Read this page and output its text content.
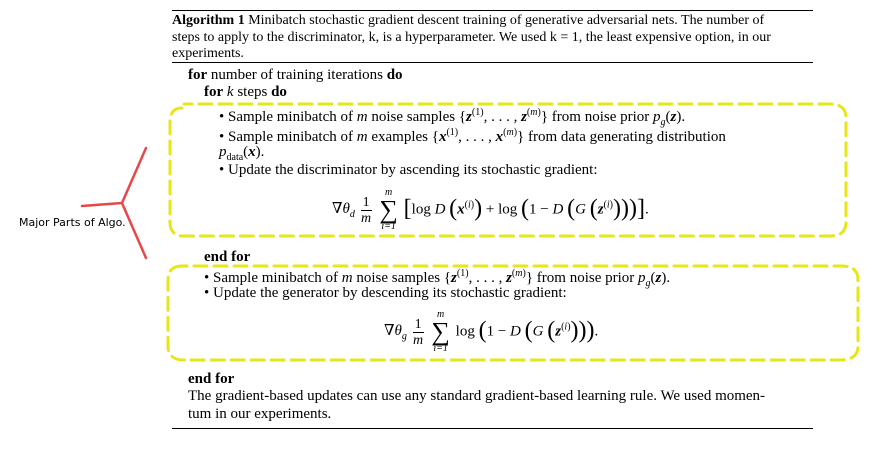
Algorithm 1 Minibatch stochastic gradient descent training of generative adversarial nets. The number of
steps to apply to the discriminator, k, is a hyperparameter. We used k = 1, the least expensive option, in our
experiments.
for number of training iterations do
for k steps do
• Sample minibatch of m noise samples {$z^{(1)}$, . . . , $z^{(m)}$} from noise prior $p_g(z)$.
• Sample minibatch of m examples {$x^{(1)}$, . . . , $x^{(m)}$} from data generating distribution
$p_{data}(x)$.
• Update the discriminator by ascending its stochastic gradient:
$\nabla\theta_d \frac{1}{m}$

m
∑
i=1
[log D $(x^{(i)}) + \log (1 - D$ (G $(z^{(i)})$))].
end for
• Sample minibatch of m noise samples {$z^{(1)}$, . . . , $z^{(m)}$} from noise prior $p_g(z)$.
• Update the generator by descending its stochastic gradient:
$\nabla\theta_g \frac{1}{m}$

m
∑
i=1
log (1 − D (G $(z^{(i)})$)).
end for
The gradient-based updates can use any standard gradient-based learning rule. We used momen-
tum in our experiments.
Major Parts of Algo.
